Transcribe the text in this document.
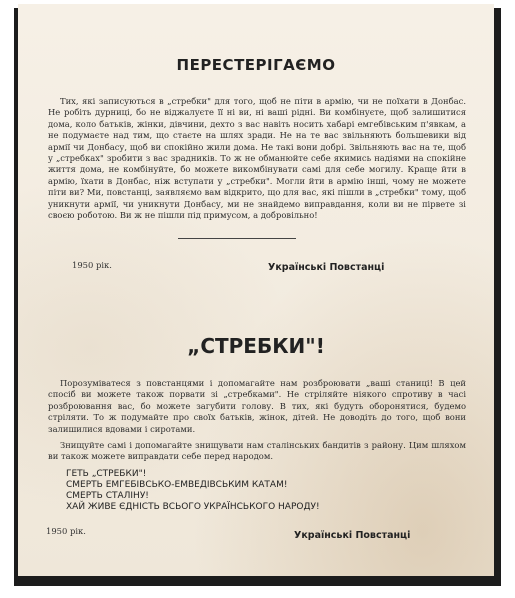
ПЕРЕСТЕРІГАЄМО

Тих, які записуються в „стребки" для того, щоб не піти в армію, чи не поїхати в Донбас. Не робіть дурниці, бо не віджалуєте її ні ви, ні ваші рідні. Ви комбінуєте, щоб залишитися дома, коло батьків, жінки, дівчини, дехто з вас навіть носить хабарі емгебівським п'явкам, а не подумаєте над тим, що стаєте на шлях зради. Не на те вас звільняють большевики від армії чи Донбасу, щоб ви спокійно жили дома. Не такі вони добрі. Звільняють вас на те, щоб у „стребках" зробити з вас зрадників. То ж не обманюйте себе якимись надіями на спокійне життя дома, не комбінуйте, бо можете викомбінувати самі для себе могилу. Краще йти в армію, їхати в Донбас, ніж вступати у „стребки". Могли йти в армію інші, чому не можете піти ви? Ми, повстанці, заявляємо вам відкрито, що для вас, які пішли в „стребки" тому, щоб уникнути армії, чи уникнути Донбасу, ми не знайдемо виправдання, коли ви не пірвете зі своєю роботою. Ви ж не пішли під примусом, а добровільно!

1950 рік.	Українські Повстанці
„СТРЕБКИ"!

Порозуміватеся з повстанцями і допомагайте нам розброювати „ваші станиці! В цей спосіб ви можете також порвати зі „стребками". Не стріляйте ніякого спротиву в часі розброювання вас, бо можете загубити голову. В тих, які будуть оборонятися, будемо стріляти. То ж подумайте про своїх батьків, жінок, дітей. Не доводіть до того, щоб вони залишилися вдовами і сиротами.

Знищуйте самі і допомагайте знищувати нам сталінських бандитів з району. Цим шляхом ви також можете виправдати себе перед народом.

ГЕТЬ „СТРЕБКИ"!
СМЕРТЬ ЕМГЕБІВСЬКО-ЕМВЕДІВСЬКИМ КАТАМ!
СМЕРТЬ СТАЛІНУ!
ХАЙ ЖИВЕ ЄДНІСТЬ ВСЬОГО УКРАЇНСЬКОГО НАРОДУ!
1950 рік.	Українські Повстанці
